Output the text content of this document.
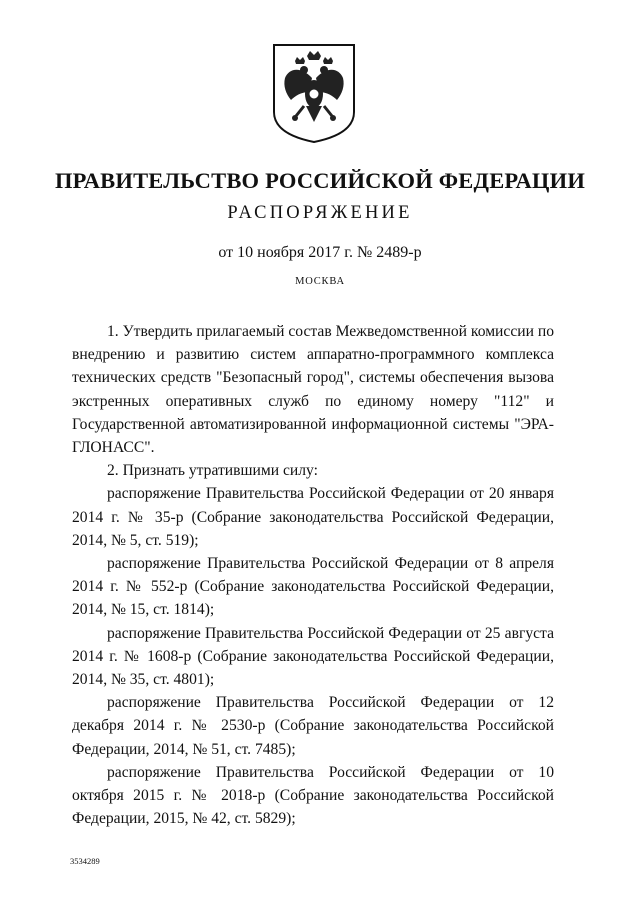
ПРАВИТЕЛЬСТВО РОССИЙСКОЙ ФЕДЕРАЦИИ
РАСПОРЯЖЕНИЕ
от 10 ноября 2017 г. № 2489-р
МОСКВА

1. Утвердить прилагаемый состав Межведомственной комиссии по внедрению и развитию систем аппаратно-программного комплекса технических средств "Безопасный город", системы обеспечения вызова экстренных оперативных служб по единому номеру "112" и Государственной автоматизированной информационной системы "ЭРА-ГЛОНАСС".

2. Признать утратившими силу:

распоряжение Правительства Российской Федерации от 20 января 2014 г. № 35-р (Собрание законодательства Российской Федерации, 2014, № 5, ст. 519);

распоряжение Правительства Российской Федерации от 8 апреля 2014 г. № 552-р (Собрание законодательства Российской Федерации, 2014, № 15, ст. 1814);

распоряжение Правительства Российской Федерации от 25 августа 2014 г. № 1608-р (Собрание законодательства Российской Федерации, 2014, № 35, ст. 4801);

распоряжение Правительства Российской Федерации от 12 декабря 2014 г. № 2530-р (Собрание законодательства Российской Федерации, 2014, № 51, ст. 7485);

распоряжение Правительства Российской Федерации от 10 октября 2015 г. № 2018-р (Собрание законодательства Российской Федерации, 2015, № 42, ст. 5829);

3534289
